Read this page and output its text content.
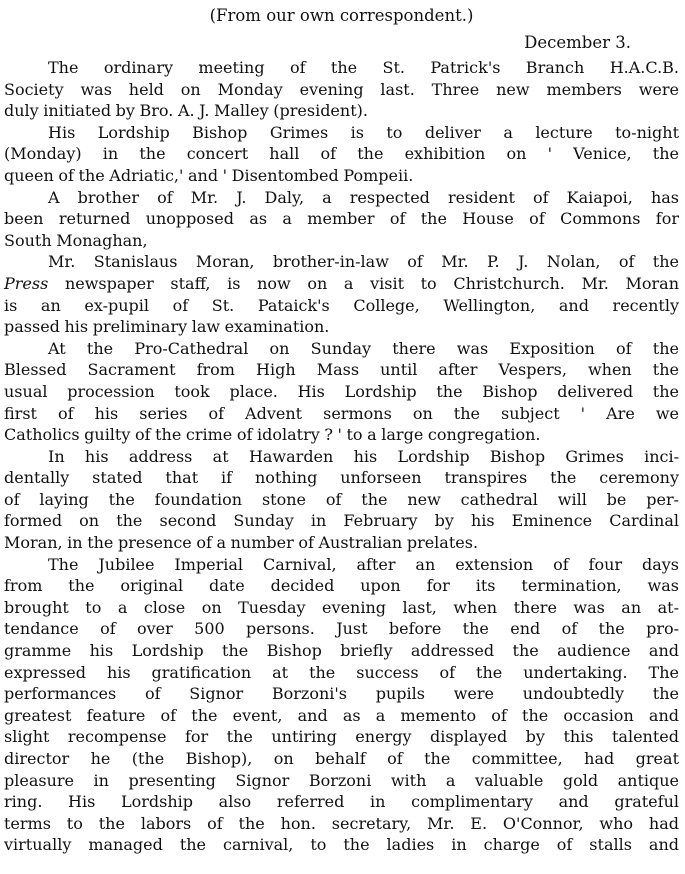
(From our own correspondent.)
December 3.
The ordinary meeting of the St. Patrick's Branch H.A.C.B.
Society was held on Monday evening last. Three new members were
duly initiated by Bro. A. J. Malley (president).
His Lordship Bishop Grimes is to deliver a lecture to-night
(Monday) in the concert hall of the exhibition on ' Venice, the
queen of the Adriatic,' and ' Disentombed Pompeii.
A brother of Mr. J. Daly, a respected resident of Kaiapoi, has
been returned unopposed as a member of the House of Commons for
South Monaghan,
Mr. Stanislaus Moran, brother-in-law of Mr. P. J. Nolan, of the
Press newspaper staff, is now on a visit to Christchurch. Mr. Moran
is an ex-pupil of St. Pataick's College, Wellington, and recently
passed his preliminary law examination.
At the Pro-Cathedral on Sunday there was Exposition of the
Blessed Sacrament from High Mass until after Vespers, when the
usual procession took place. His Lordship the Bishop delivered the
first of his series of Advent sermons on the subject ' Are we
Catholics guilty of the crime of idolatry ? ' to a large congregation.
In his address at Hawarden his Lordship Bishop Grimes inci-
dentally stated that if nothing unforseen transpires the ceremony
of laying the foundation stone of the new cathedral will be per-
formed on the second Sunday in February by his Eminence Cardinal
Moran, in the presence of a number of Australian prelates.
The Jubilee Imperial Carnival, after an extension of four days
from the original date decided upon for its termination, was
brought to a close on Tuesday evening last, when there was an at-
tendance of over 500 persons. Just before the end of the pro-
gramme his Lordship the Bishop briefly addressed the audience and
expressed his gratification at the success of the undertaking. The
performances of Signor Borzoni's pupils were undoubtedly the
greatest feature of the event, and as a memento of the occasion and
slight recompense for the untiring energy displayed by this talented
director he (the Bishop), on behalf of the committee, had great
pleasure in presenting Signor Borzoni with a valuable gold antique
ring. His Lordship also referred in complimentary and grateful
terms to the labors of the hon. secretary, Mr. E. O'Connor, who had
virtually managed the carnival, to the ladies in charge of stalls and
